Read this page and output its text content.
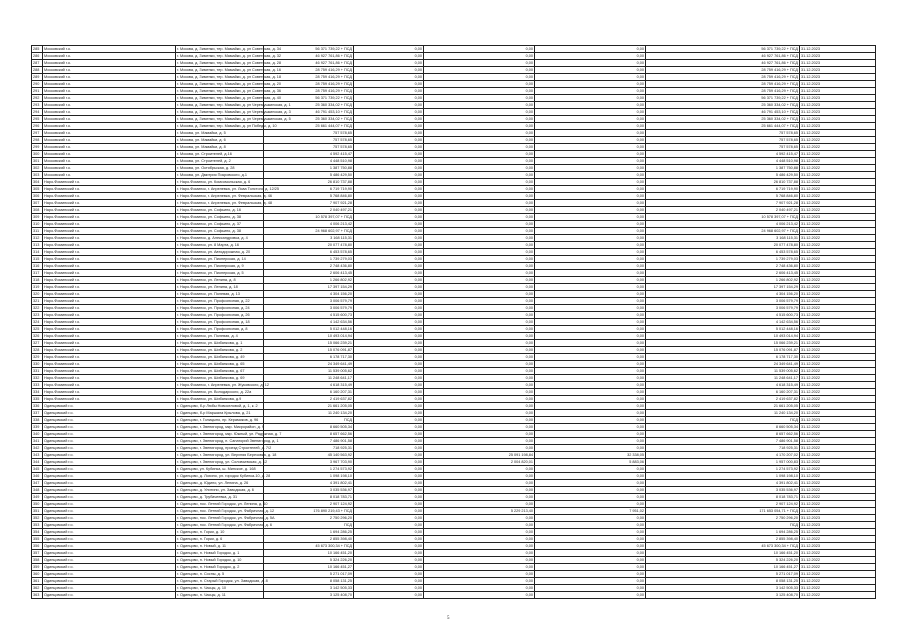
285	Московский г.о.	г. Москва, д. Зименки, тер. Мамайки, д. ул Советская, д. 34	56 371 739,22 + ПСД	0,00	0,00	0,00	56 371 739,22 + ПСД	31.12.2023
286	Московский г.о.	г. Москва, д. Зименки, тер. Мамайки, д. ул Советская, д. 32	46 927 761,86 + ПСД	0,00	0,00	0,00	46 927 761,86 + ПСД	31.12.2023
287	Московский г.о.	г. Москва, д. Зименки, тер. Мамайки, д. ул Советская, д. 28	46 927 761,86 + ПСД	0,00	0,00	0,00	46 927 761,86 + ПСД	31.12.2023
288	Московский г.о.	г. Москва, д. Зименки, тер. Мамайки, д. ул Советская, д. 16	28 759 416,29 + ПСД	0,00	0,00	0,00	28 759 416,29 + ПСД	31.12.2023
289	Московский г.о.	г. Москва, д. Зименки, тер. Мамайки, д. ул Советская, д. 18	28 759 416,29 + ПСД	0,00	0,00	0,00	28 759 416,29 + ПСД	31.12.2023
290	Московский г.о.	г. Москва, д. Зименки, тер. Мамайки, д. ул Советская, д. 20	28 759 416,29 + ПСД	0,00	0,00	0,00	28 759 416,29 + ПСД	31.12.2023
291	Московский г.о.	г. Москва, д. Зименки, тер. Мамайки, д. ул Советская, д. 36	28 759 416,29 + ПСД	0,00	0,00	0,00	28 759 416,29 + ПСД	31.12.2023
292	Московский г.о.	г. Москва, д. Зименки, тер. Мамайки, д. ул Советская, д. 40	56 371 739,22 + ПСД	0,00	0,00	0,00	56 371 739,22 + ПСД	31.12.2023
293	Московский г.о.	г. Москва, д. Зименки, тер. Мамайки, д. ул Черемушкинская, д. 1	25 360 334,02 + ПСД	0,00	0,00	0,00	25 360 334,02 + ПСД	31.12.2023
294	Московский г.о.	г. Москва, д. Зименки, тер. Мамайки, д. ул Черемушкинская, д. 3	46 791 453,10 + ПСД	0,00	0,00	0,00	46 791 453,10 + ПСД	31.12.2023
295	Московский г.о.	г. Москва, д. Зименки, тер. Мамайки, д. ул Черемушкинская, д. 5	25 360 334,02 + ПСД	0,00	0,00	0,00	25 360 334,02 + ПСД	31.12.2023
296	Московский г.о.	г. Москва, д. Зименки, тер. Мамайки, д. ул Победы, д. 10	25 661 444,07 + ПСД	0,00	0,00	0,00	25 661 444,07 + ПСД	31.12.2023
297	Московский г.о.	г. Москва, ул. Мамайки, д. 5	757 578,65	0,00	0,00	0,00	757 578,65	31.12.2022
298	Московский г.о.	г. Москва, ул. Мамайки, д. 6	757 578,65	0,00	0,00	0,00	757 578,65	31.12.2022
299	Московский г.о.	г. Москва, ул. Мамайки, д. 8	757 578,65	0,00	0,00	0,00	757 578,65	31.12.2022
300	Московский г.о.	г. Москва, ул. Строителей, д.16	4 592 415,47	0,00	0,00	0,00	4 592 415,47	31.12.2022
301	Московский г.о.	г. Москва, ул. Строителей, д. 2	4 448 510,98	0,00	0,00	0,00	4 448 510,98	31.12.2022
302	Московский г.о.	г. Москва, ул. Октябрьская, д. 28	1 387 750,88	0,00	0,00	0,00	1 387 750,88	31.12.2022
303	Московский г.о.	г. Москва, ул. Дмитрия Покровского, д.1	5 486 429,50	0,00	0,00	0,00	5 486 429,50	31.12.2022
304	Наро-Фоминский г.о.	г. Наро-Фоминск, ул. Комсомольская, д. 6	26 810 737,88	0,00	0,00	0,00	26 810 737,88	31.12.2022
305	Наро-Фоминский г.о.	г. Наро-Фоминск, г. Апрелевка, ул. Льва Толстого, д. 12/25	6 719 719,90	0,00	0,00	0,00	6 719 719,90	31.12.2022
306	Наро-Фоминский г.о.	г. Наро-Фоминск, г. Апрелевка, ул. Февральская, д. 46	5 768 846,80	0,00	0,00	0,00	5 768 846,80	31.12.2022
307	Наро-Фоминский г.о.	г. Наро-Фоминск, г. Апрелевка, ул. Февральская, д. 48	7 907 921,28	0,00	0,00	0,00	7 907 921,28	31.12.2022
308	Наро-Фоминский г.о.	г. Наро-Фоминск, ул. Софьино, д. 16	2 040 497,21	0,00	0,00	0,00	2 040 497,21	31.12.2022
309	Наро-Фоминский г.о.	г. Наро-Фоминск, ул. Софьино, д. 38	10 578 397,07 + ПСД	0,00	0,00	0,00	10 578 397,07 + ПСД	31.12.2023
310	Наро-Фоминский г.о.	г. Наро-Фоминск, ул. Софьино, д. 37	4 006 213,42	0,00	0,00	0,00	4 006 213,42	31.12.2022
311	Наро-Фоминский г.о.	г. Наро-Фоминск, ул. Софьино, д. 38	24 968 602,97 + ПСД	0,00	0,00	0,00	24 968 602,97 + ПСД	31.12.2023
312	Наро-Фоминский г.о.	г. Наро-Фоминск, д. Александровка, д. 4	3 168 115,31	0,00	0,00	0,00	3 168 115,31	31.12.2022
313	Наро-Фоминский г.о.	г. Наро-Фоминск, ул. 8 Марта, д. 16	20 077 478,80	0,00	0,00	0,00	20 077 478,80	31.12.2022
314	Наро-Фоминский г.о.	г. Наро-Фоминск, ул. Автодорожная, д. 20	6 453 578,65	0,00	0,00	0,00	6 453 578,65	31.12.2022
315	Наро-Фоминский г.о.	г. Наро-Фоминск, ул. Пионерская, д. 14	1 739 279,03	0,00	0,00	0,00	1 739 279,03	31.12.2022
316	Наро-Фоминский г.о.	г. Наро-Фоминск, ул. Пионерская, д. 9	2 748 436,80	0,00	0,00	0,00	2 748 436,80	31.12.2022
317	Наро-Фоминский г.о.	г. Наро-Фоминск, ул. Пионерская, д. 5	2 606 413,45	0,00	0,00	0,00	2 606 413,45	31.12.2022
318	Наро-Фоминский г.о.	г. Наро-Фоминск, ул. Ленина, д. 8	1 266 802,92	0,00	0,00	0,00	1 266 802,92	31.12.2022
319	Наро-Фоминский г.о.	г. Наро-Фоминск, ул. Ленина, д. 18	17 397 154,29	0,00	0,00	0,00	17 397 154,29	31.12.2022
320	Наро-Фоминский г.о.	г. Наро-Фоминск, ул. Полевая, д. 13	4 304 156,20	0,00	0,00	0,00	4 304 156,20	31.12.2022
321	Наро-Фоминский г.о.	г. Наро-Фоминск, ул. Профсоюзная, д. 22	3 006 579,79	0,00	0,00	0,00	3 006 579,79	31.12.2022
322	Наро-Фоминский г.о.	г. Наро-Фоминск, ул. Профсоюзная, д. 24	3 006 579,79	0,00	0,00	0,00	3 006 579,79	31.12.2022
323	Наро-Фоминский г.о.	г. Наро-Фоминск, ул. Профсоюзная, д. 26	4 515 600,73	0,00	0,00	0,00	4 515 600,73	31.12.2022
324	Наро-Фоминский г.о.	г. Наро-Фоминск, ул. Профсоюзная, д. 18	4 142 634,56	0,00	0,00	0,00	4 142 634,56	31.12.2022
325	Наро-Фоминский г.о.	г. Наро-Фоминск, ул. Профсоюзная, д. 8	5 012 448,16	0,00	0,00	0,00	5 012 448,16	31.12.2022
326	Наро-Фоминский г.о.	г. Наро-Фоминск, ул. Полевая, д. 4	10 493 014,94	0,00	0,00	0,00	10 493 014,94	31.12.2022
327	Наро-Фоминский г.о.	г. Наро-Фоминск, ул. Шибанкова, д. 1	15 066 239,21	0,00	0,00	0,00	15 066 239,21	31.12.2022
328	Наро-Фоминский г.о.	г. Наро-Фоминск, ул. Шибанкова, д. 2	15 076 091,87	0,00	0,00	0,00	15 076 091,87	31.12.2022
329	Наро-Фоминский г.о.	г. Наро-Фоминск, ул. Шибанкова, д. 49	6 178 717,30	0,00	0,00	0,00	6 178 717,30	31.12.2022
330	Наро-Фоминский г.о.	г. Наро-Фоминск, ул. Шибанкова, д. 65	24 349 641,49	0,00	0,00	0,00	24 349 641,49	31.12.2022
331	Наро-Фоминский г.о.	г. Наро-Фоминск, ул. Шибанкова, д. 67	11 539 005,62	0,00	0,00	0,00	11 539 005,62	31.12.2022
332	Наро-Фоминский г.о.	г. Наро-Фоминск, ул. Шибанкова, д. 69	11 248 641,17	0,00	0,00	0,00	11 248 641,17	31.12.2022
333	Наро-Фоминский г.о.	г. Наро-Фоминск, г. Апрелевка, ул. Жуковского, д. 12	4 618 315,49	0,00	0,00	0,00	4 618 315,49	31.12.2022
334	Наро-Фоминский г.о.	г. Наро-Фоминск, ул. Володарского, д. 22а	6 160 207,31	0,00	0,00	0,00	6 160 207,31	31.12.2022
335	Наро-Фоминский г.о.	г. Наро-Фоминск, ул. Шибанкова, д.9	2 419 637,82	0,00	0,00	0,00	2 419 637,82	31.12.2022
336	Одинцовский г.о.	г. Одинцово, б-р Любы Новоселовой, д. 1, к. 2	21 661 205,05	0,00	0,00	0,00	21 661 205,05	31.12.2022
337	Одинцовский г.о.	г. Одинцово, б-р Маршала Крылова, д. 21	11 240 134,20	0,00	0,00	0,00	11 240 134,20	31.12.2022
338	Одинцовский г.о.	г. Одинцово, г. Голицыно, пр. Керамиков, д. 96	ПСД	0,00	0,00	0,00	ПСД	31.12.2023
339	Одинцовский г.о.	г. Одинцово, г. Звенигород, мкр. Микрорайон, д. 9	8 660 505,34	0,00	0,00	0,00	8 660 505,34	31.12.2022
340	Одинцовский г.о.	г. Одинцово, г. Звенигород, мкр. Южный, ул. Радужная, д. 7	8 657 662,56	0,00	0,00	0,00	8 657 662,56	31.12.2022
341	Одинцовский г.о.	г. Одинцово, г. Звенигород, п. Санаторий Звенигород, д. 1	7 486 901,58	0,00	0,00	0,00	7 486 901,58	31.12.2022
342	Одинцовский г.о.	г. Одинцово, г. Звенигород, проезд Строителей, д. 7/2	718 925,31	0,00	0,00	0,00	718 925,31	31.12.2022
343	Одинцовский г.о.	г. Одинцово, г. Звенигород, ул. Верхняя Березовка, д. 18	45 140 563,92	0,00	25 091 198,84	32 338,05	4 170 207,02	31.12.2022
344	Одинцовский г.о.	г. Одинцово, г. Звенигород, ул. Соловьевская, д. 12	3 967 703,90	0,00	2 004 820,01	5 883,06	1 957 000,83	31.12.2022
345	Одинцовский г.о.	г. Одинцово, ул. Кубинка, ш. Минское, д. 168	1 274 573,92	0,00	0,00	0,00	1 274 573,92	31.12.2022
346	Одинцовский г.о.	г. Одинцово, д. Лохино, ул. городок Кубинка-10, д. 28	1 098 198,10	0,00	0,00	0,00	1 098 198,10	31.12.2022
347	Одинцовский г.о.	г. Одинцово, д. Юдино, ул. Ленина, д. 26	4 391 802,41	0,00	0,00	0,00	4 391 802,41	31.12.2022
348	Одинцовский г.о.	г. Одинцово, д. Улитино, ул. Заводская, д. 6	3 035 536,97	0,00	0,00	0,00	3 035 536,97	31.12.2022
349	Одинцовский г.о.	г. Одинцово, д. Трубачеевка, д. 31	8 018 783,71	0,00	0,00	0,00	8 018 783,71	31.12.2022
350	Одинцовский г.о.	г. Одинцово, пос. Летний Городок, ул. Ленина, д. 10	2 907 124,92	0,00	0,00	0,00	2 907 124,92	31.12.2022
351	Одинцовский г.о.	г. Одинцово, пос. Летний Городок, ул. Фабричная, д. 12	176 890 219,43 + ПСД	0,00	5 229 213,40	7 951,02	171 653 054,71 + ПСД	31.12.2023
352	Одинцовский г.о.	г. Одинцово, пос. Летний Городок, ул. Фабричная, д. 5А	2 750 296,20	0,00	0,00	0,00	2 750 296,20	31.12.2023
353	Одинцовский г.о.	г. Одинцово, пос. Летний Городок, ул. Фабричная, д. 6	ПСД	0,00	0,00	0,00	ПСД	31.12.2023
354	Одинцовский г.о.	г. Одинцово, п. Горки, д. 10	1 694 286,25	0,00	0,00	0,00	1 694 286,25	31.12.2022
355	Одинцовский г.о.	г. Одинцово, п. Горки, д. 6	2 855 398,40	0,00	0,00	0,00	2 855 398,40	31.12.2022
356	Одинцовский г.о.	г. Одинцово, п. Новый, д. 11	45 673 300,34 + ПСД	0,00	0,00	0,00	45 673 300,34 + ПСД	31.12.2023
357	Одинцовский г.о.	г. Одинцово, п. Новый Городок, д. 1	10 166 451,20	0,00	0,00	0,00	10 166 451,20	31.12.2022
358	Одинцовский г.о.	г. Одинцово, п. Новый Городок, д. 10	5 324 226,20	0,00	0,00	0,00	5 324 226,20	31.12.2022
359	Одинцовский г.о.	г. Одинцово, п. Новый Городок, д. 2	10 166 451,27	0,00	0,00	0,00	10 166 451,27	31.12.2022
360	Одинцовский г.о.	г. Одинцово, п. Сосны, д. 5	5 271 017,09	0,00	0,00	0,00	5 271 017,09	31.12.2022
361	Одинцовский г.о.	г. Одинцово, п. Старый Городок, ул. Заводская, д. 8	8 058 131,25	0,00	0,00	0,00	8 058 131,25	31.12.2022
362	Одинцовский г.о.	г. Одинцово, п. Часцы, д. 10	3 142 505,33	0,00	0,00	0,00	3 142 505,33	31.12.2022
363	Одинцовский г.о.	г. Одинцово, п. Часцы, д. 11	3 125 408,70	0,00	0,00	0,00	3 125 408,70	31.12.2022
5
